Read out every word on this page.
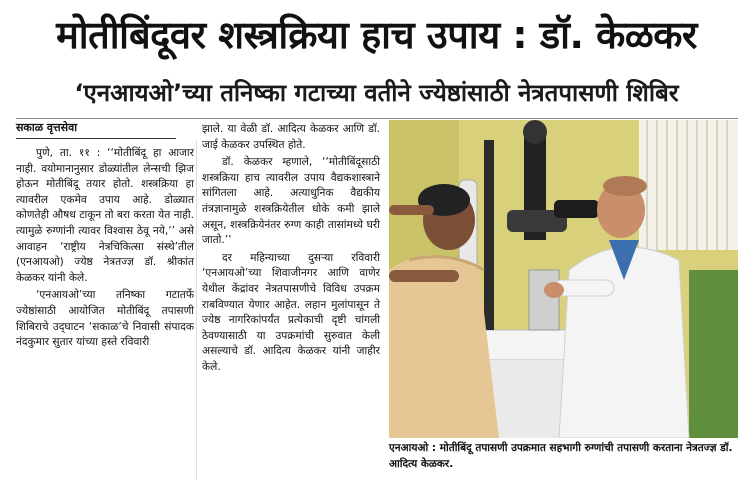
मोतीबिंदूवर शस्त्रक्रिया हाच उपाय : डॉ. केळकर
‘एनआयओ’च्या तनिष्का गटाच्या वतीने ज्येष्ठांसाठी नेत्रतपासणी शिबिर
सकाळ वृत्तसेवा

पुणे, ता. ११ : ‘‘मोतीबिंदू हा आजार नाही. वयोमानानुसार डोळ्यांतील लेन्सची झिज होऊन मोतीबिंदू तयार होतो. शस्त्रक्रिया हा त्यावरील एकमेव उपाय आहे. डोळ्यात कोणतेही औषध टाकून तो बरा करता येत नाही. त्यामुळे रुग्णांनी त्यावर विश्वास ठेवू नये,’’ असे आवाहन ‘राष्ट्रीय नेत्रचिकित्सा संस्थे’तील (एनआयओ) ज्येष्ठ नेत्रतज्ज्ञ डॉ. श्रीकांत केळकर यांनी केले.

‘एनआयओ’च्या तनिष्का गटातर्फे ज्येष्ठांसाठी आयोजित मोतीबिंदू तपासणी शिबिराचे उद्‍घाटन ‘सकाळ’चे निवासी संपादक नंदकुमार सुतार यांच्या हस्ते रविवारी

झाले. या वेळी डॉ. आदित्य केळकर आणि डॉ. जाई केळकर उपस्थित होते.

डॉ. केळकर म्हणाले, ‘‘मोतीबिंदूसाठी शस्त्रक्रिया हाच त्यावरील उपाय वैद्यकशास्त्राने सांगितला आहे. अत्याधुनिक वैद्यकीय तंत्रज्ञानामुळे शस्त्रक्रियेतील धोके कमी झाले असून, शस्त्रक्रियेनंतर रुग्ण काही तासांमध्ये घरी जातो.’’

दर महिन्याच्या दुसऱ्या रविवारी ‘एनआयओ’च्या शिवाजीनगर आणि वाणेर येथील केंद्रांवर नेत्रतपासणीचे विविध उपक्रम राबविण्यात येणार आहेत. लहान मुलांपासून ते ज्येष्ठ नागरिकांपर्यंत प्रत्येकाची दृष्टी चांगली ठेवण्यासाठी या उपक्रमांची सुरुवात केली असल्याचे डॉ. आदित्य केळकर यांनी जाहीर केले.

एनआयओ : मोतीबिंदू तपासणी उपक्रमात सहभागी रुग्णांची तपासणी करताना नेत्रतज्ज्ञ डॉ. आदित्य केळकर.
